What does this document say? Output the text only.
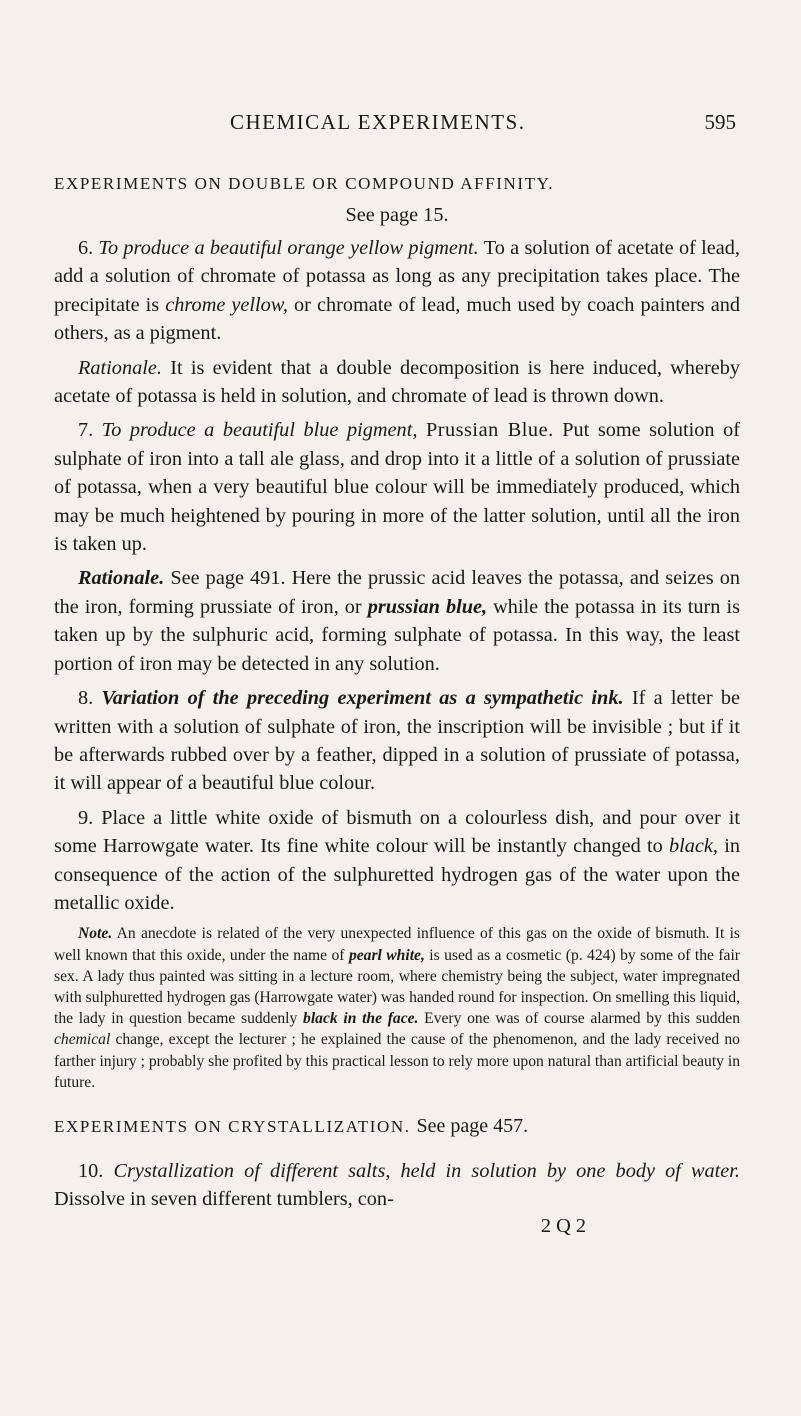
CHEMICAL EXPERIMENTS.	595

EXPERIMENTS ON DOUBLE OR COMPOUND AFFINITY.

See page 15.

6. To produce a beautiful orange yellow pigment. To a solution of acetate of lead, add a solution of chromate of potassa as long as any precipitation takes place. The precipitate is chrome yellow, or chromate of lead, much used by coach painters and others, as a pigment.

Rationale. It is evident that a double decomposition is here induced, whereby acetate of potassa is held in solution, and chromate of lead is thrown down.

7. To produce a beautiful blue pigment, Prussian Blue. Put some solution of sulphate of iron into a tall ale glass, and drop into it a little of a solution of prussiate of potassa, when a very beautiful blue colour will be immediately produced, which may be much heightened by pouring in more of the latter solution, until all the iron is taken up.

Rationale. See page 491. Here the prussic acid leaves the potassa, and seizes on the iron, forming prussiate of iron, or prussian blue, while the potassa in its turn is taken up by the sulphuric acid, forming sulphate of potassa. In this way, the least portion of iron may be detected in any solution.

8. Variation of the preceding experiment as a sympathetic ink. If a letter be written with a solution of sulphate of iron, the inscription will be invisible ; but if it be afterwards rubbed over by a feather, dipped in a solution of prussiate of potassa, it will appear of a beautiful blue colour.

9. Place a little white oxide of bismuth on a colourless dish, and pour over it some Harrowgate water. Its fine white colour will be instantly changed to black, in consequence of the action of the sulphuretted hydrogen gas of the water upon the metallic oxide.

Note. An anecdote is related of the very unexpected influence of this gas on the oxide of bismuth. It is well known that this oxide, under the name of pearl white, is used as a cosmetic (p. 424) by some of the fair sex. A lady thus painted was sitting in a lecture room, where chemistry being the subject, water impregnated with sulphuretted hydrogen gas (Harrowgate water) was handed round for inspection. On smelling this liquid, the lady in question became suddenly black in the face. Every one was of course alarmed by this sudden chemical change, except the lecturer ; he explained the cause of the phenomenon, and the lady received no farther injury ; probably she profited by this practical lesson to rely more upon natural than artificial beauty in future.

EXPERIMENTS ON CRYSTALLIZATION. See page 457.

10. Crystallization of different salts, held in solution by one body of water. Dissolve in seven different tumblers, con-

2 Q 2
